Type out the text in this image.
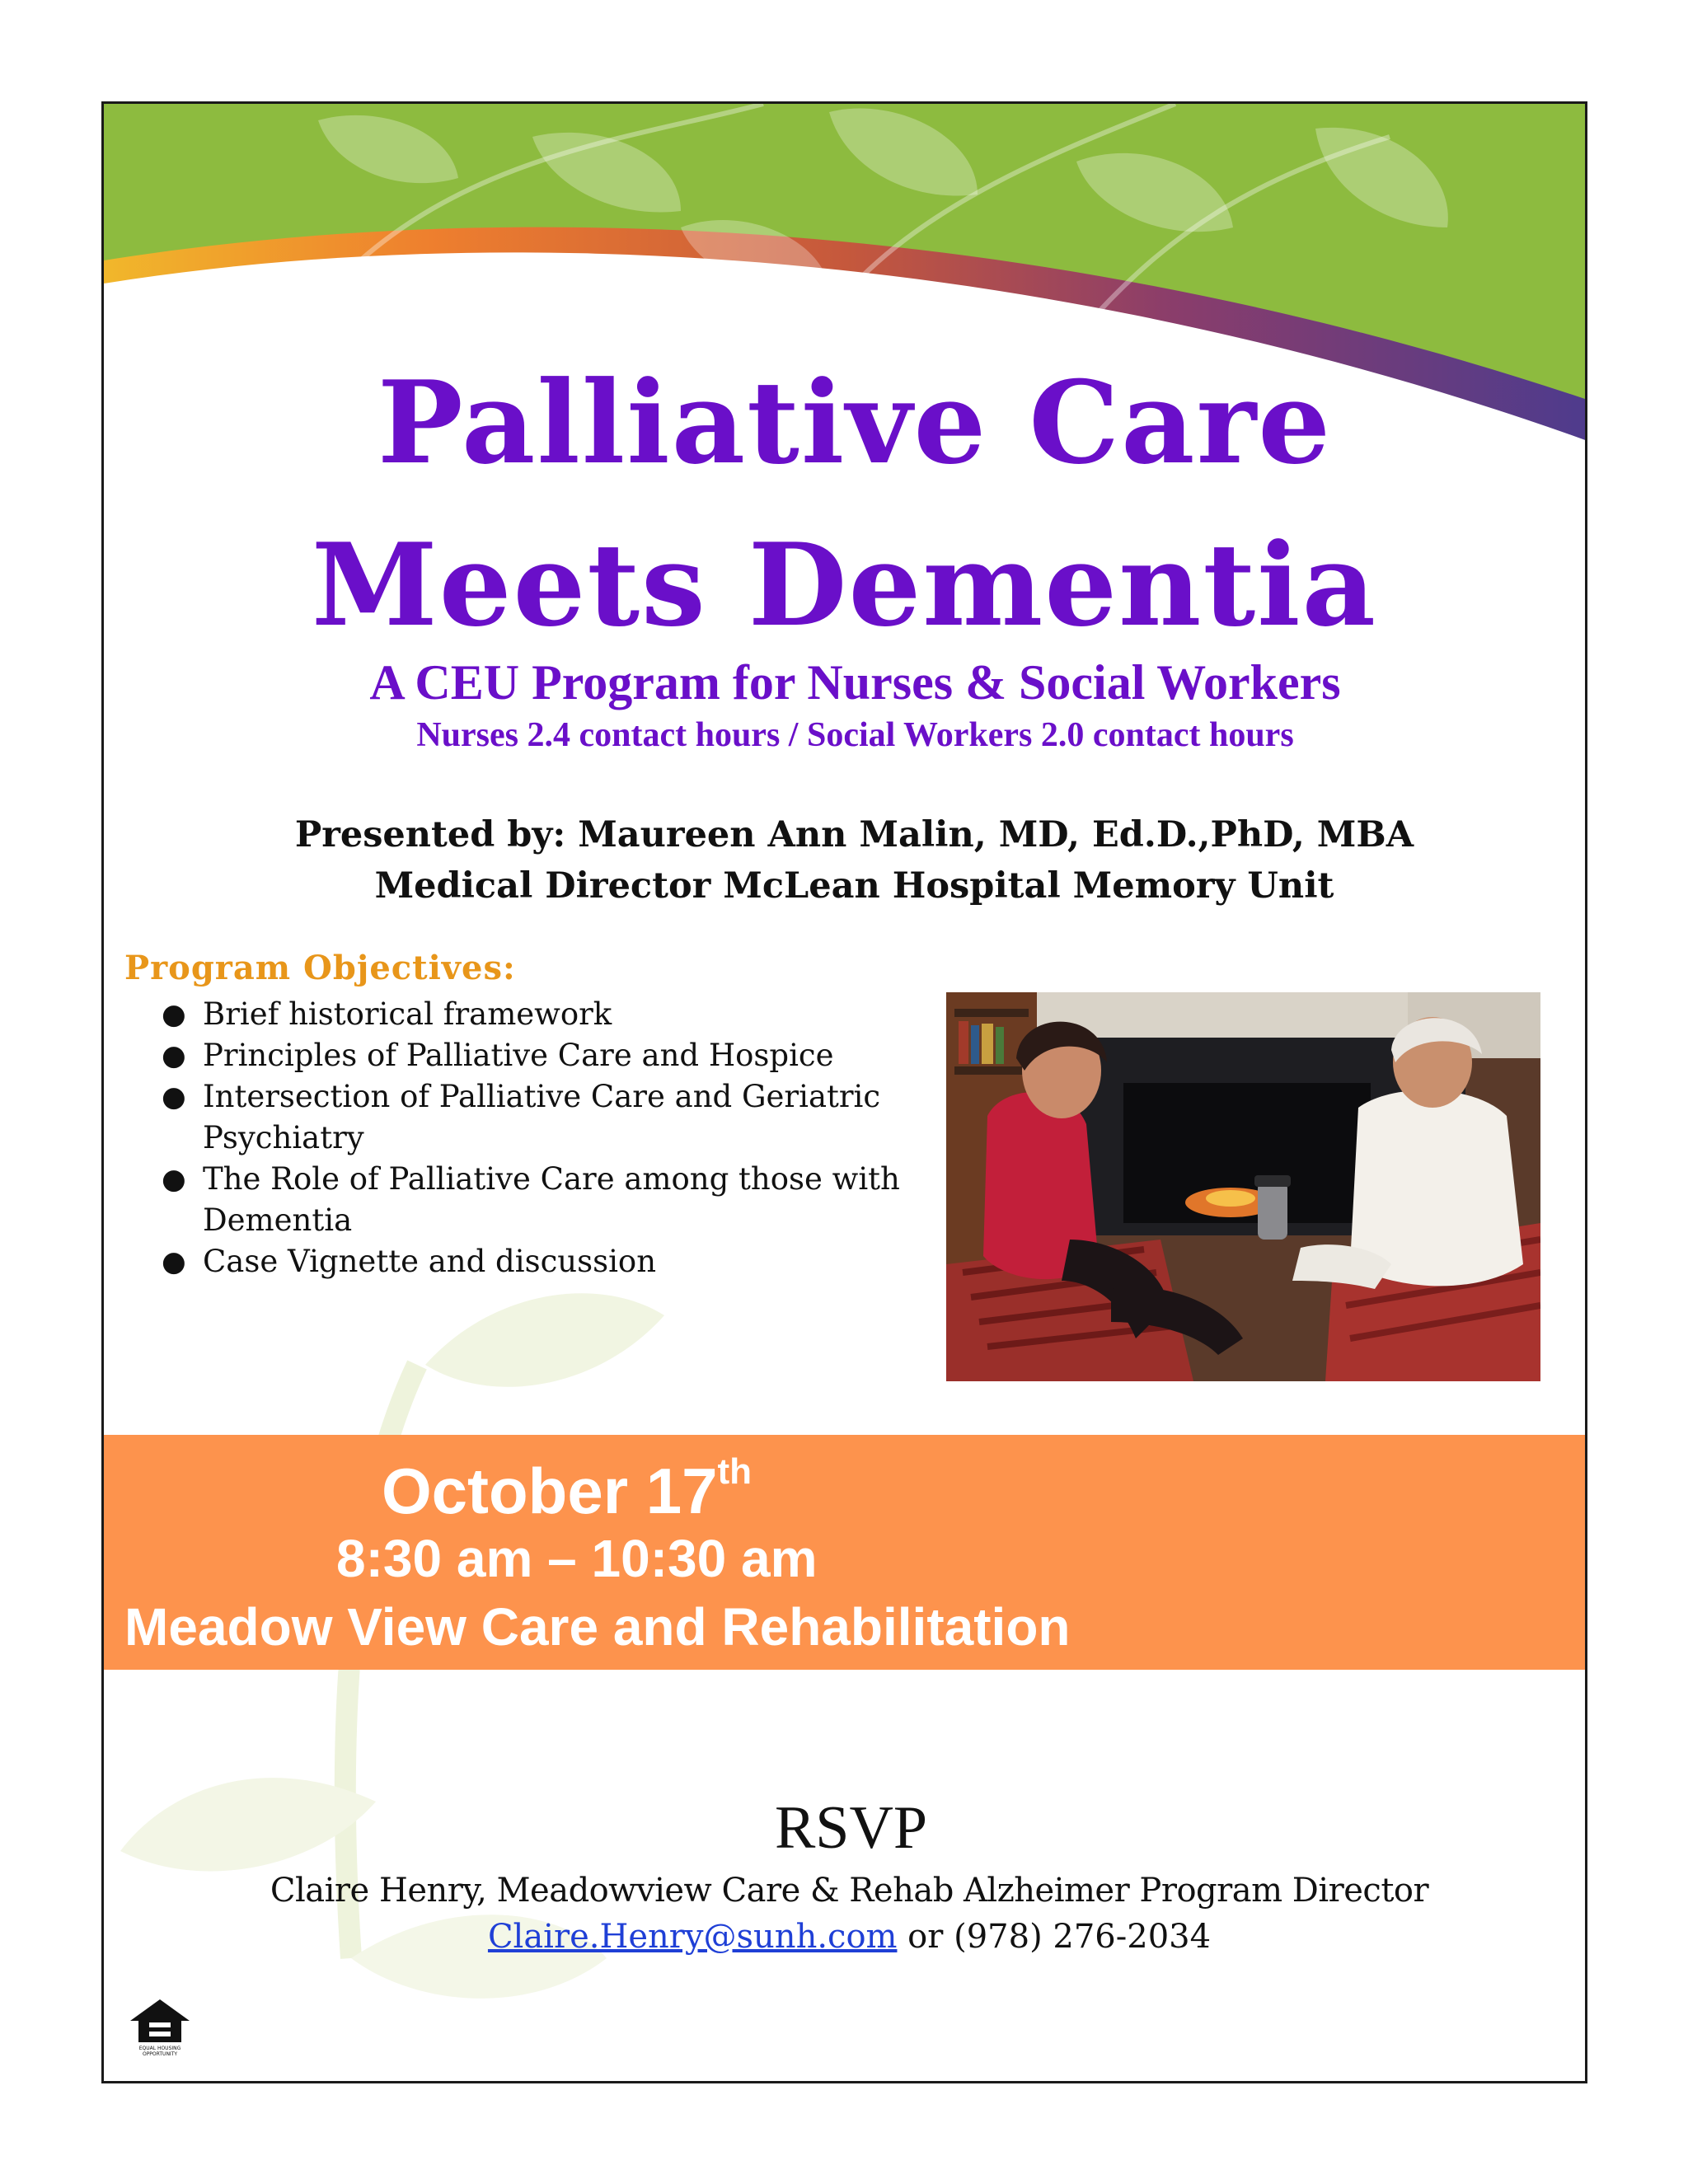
Palliative Care
Meets Dementia
A CEU Program for Nurses & Social Workers
Nurses 2.4 contact hours / Social Workers 2.0 contact hours
Presented by: Maureen Ann Malin, MD, Ed.D.,PhD, MBA
Medical Director McLean Hospital Memory Unit
Program Objectives:
● Brief historical framework
● Principles of Palliative Care and Hospice
● Intersection of Palliative Care and Geriatric Psychiatry
● The Role of Palliative Care among those with Dementia
● Case Vignette and discussion
October 17th
8:30 am – 10:30 am
Meadow View Care and Rehabilitation
RSVP
Claire Henry, Meadowview Care & Rehab Alzheimer Program Director
Claire.Henry@sunh.com or (978) 276-2034
EQUAL HOUSING OPPORTUNITY
